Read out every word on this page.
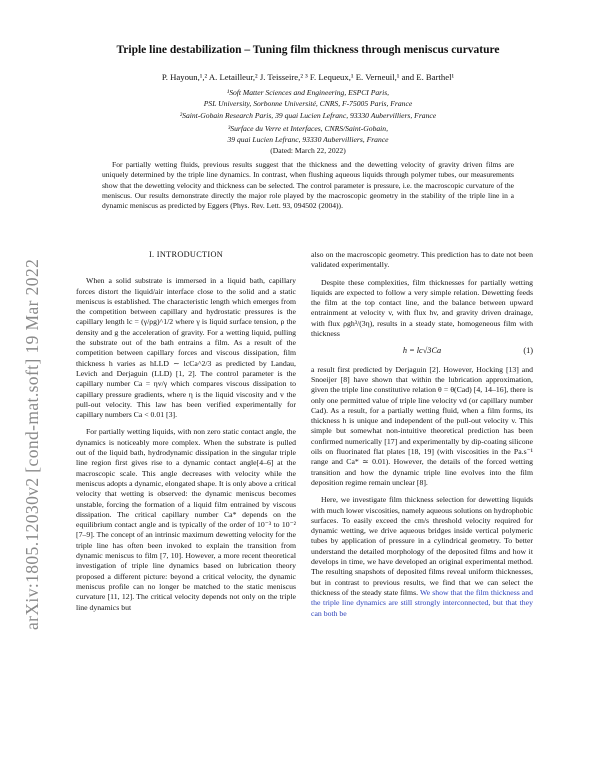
arXiv:1805.12030v2 [cond-mat.soft] 19 Mar 2022
Triple line destabilization – Tuning film thickness through meniscus curvature
P. Hayoun,¹,² A. Letailleur,² J. Teisseire,² ³ F. Lequeux,¹ E. Verneuil,¹ and E. Barthel¹
¹Soft Matter Sciences and Engineering, ESPCI Paris,
PSL University, Sorbonne Université, CNRS, F-75005 Paris, France
²Saint-Gobain Research Paris, 39 quai Lucien Lefranc, 93330 Aubervilliers, France
³Surface du Verre et Interfaces, CNRS/Saint-Gobain,
39 quai Lucien Lefranc, 93330 Aubervilliers, France
(Dated: March 22, 2022)

For partially wetting fluids, previous results suggest that the thickness and the dewetting velocity of gravity driven films are uniquely determined by the triple line dynamics. In contrast, when flushing aqueous liquids through polymer tubes, our measurements show that the dewetting velocity and thickness can be selected. The control parameter is pressure, i.e. the macroscopic curvature of the meniscus. Our results demonstrate directly the major role played by the macroscopic geometry in the stability of the triple line in a dynamic meniscus as predicted by Eggers (Phys. Rev. Lett. 93, 094502 (2004)).

I. INTRODUCTION

When a solid substrate is immersed in a liquid bath, capillary forces distort the liquid/air interface close to the solid and a static meniscus is established. The characteristic length which emerges from the competition between capillary and hydrostatic pressures is the capillary length lc = (γ/ρg)^1/2 where γ is liquid surface tension, ρ the density and g the acceleration of gravity. For a wetting liquid, pulling the substrate out of the bath entrains a film. As a result of the competition between capillary forces and viscous dissipation, film thickness h varies as hLLD ∼ lcCa^2/3 as predicted by Landau, Levich and Derjaguin (LLD) [1, 2]. The control parameter is the capillary number Ca = ηv/γ which compares viscous dissipation to capillary pressure gradients, where η is the liquid viscosity and v the pull-out velocity. This law has been verified experimentally for capillary numbers Ca < 0.01 [3].

For partially wetting liquids, with non zero static contact angle, the dynamics is noticeably more complex. When the substrate is pulled out of the liquid bath, hydrodynamic dissipation in the singular triple line region first gives rise to a dynamic contact angle[4–6] at the macroscopic scale. This angle decreases with velocity while the meniscus adopts a dynamic, elongated shape. It is only above a critical velocity that wetting is observed: the dynamic meniscus becomes unstable, forcing the formation of a liquid film entrained by viscous dissipation. The critical capillary number Ca* depends on the equilibrium contact angle and is typically of the order of 10⁻³ to 10⁻² [7–9]. The concept of an intrinsic maximum dewetting velocity for the triple line has often been invoked to explain the transition from dynamic meniscus to film [7, 10]. However, a more recent theoretical investigation of triple line dynamics based on lubrication theory proposed a different picture: beyond a critical velocity, the dynamic meniscus profile can no longer be matched to the static meniscus curvature [11, 12]. The critical velocity depends not only on the triple line dynamics but

also on the macroscopic geometry. This prediction has to date not been validated experimentally.

Despite these complexities, film thicknesses for partially wetting liquids are expected to follow a very simple relation. Dewetting feeds the film at the top contact line, and the balance between upward entrainment at velocity v, with flux hv, and gravity driven drainage, with flux ρgh³/(3η), results in a steady state, homogeneous film with thickness

h = lc√3Ca	(1)

a result first predicted by Derjaguin [2]. However, Hocking [13] and Snoeijer [8] have shown that within the lubrication approximation, given the triple line constitutive relation θ = θ(Cad) [4, 14–16], there is only one permitted value of triple line velocity vd (or capillary number Cad). As a result, for a partially wetting fluid, when a film forms, its thickness h is unique and independent of the pull-out velocity v. This simple but somewhat non-intuitive theoretical prediction has been confirmed numerically [17] and experimentally by dip-coating silicone oils on fluorinated flat plates [18, 19] (with viscosities in the Pa.s⁻¹ range and Ca* ≃ 0.01). However, the details of the forced wetting transition and how the dynamic triple line evolves into the film deposition regime remain unclear [8].

Here, we investigate film thickness selection for dewetting liquids with much lower viscosities, namely aqueous solutions on hydrophobic surfaces. To easily exceed the cm/s threshold velocity required for dynamic wetting, we drive aqueous bridges inside vertical polymeric tubes by application of pressure in a cylindrical geometry. To better understand the detailed morphology of the deposited films and how it develops in time, we have developed an original experimental method. The resulting snapshots of deposited films reveal uniform thicknesses, but in contrast to previous results, we find that we can select the thickness of the steady state films. We show that the film thickness and the triple line dynamics are still strongly interconnected, but that they can both be
